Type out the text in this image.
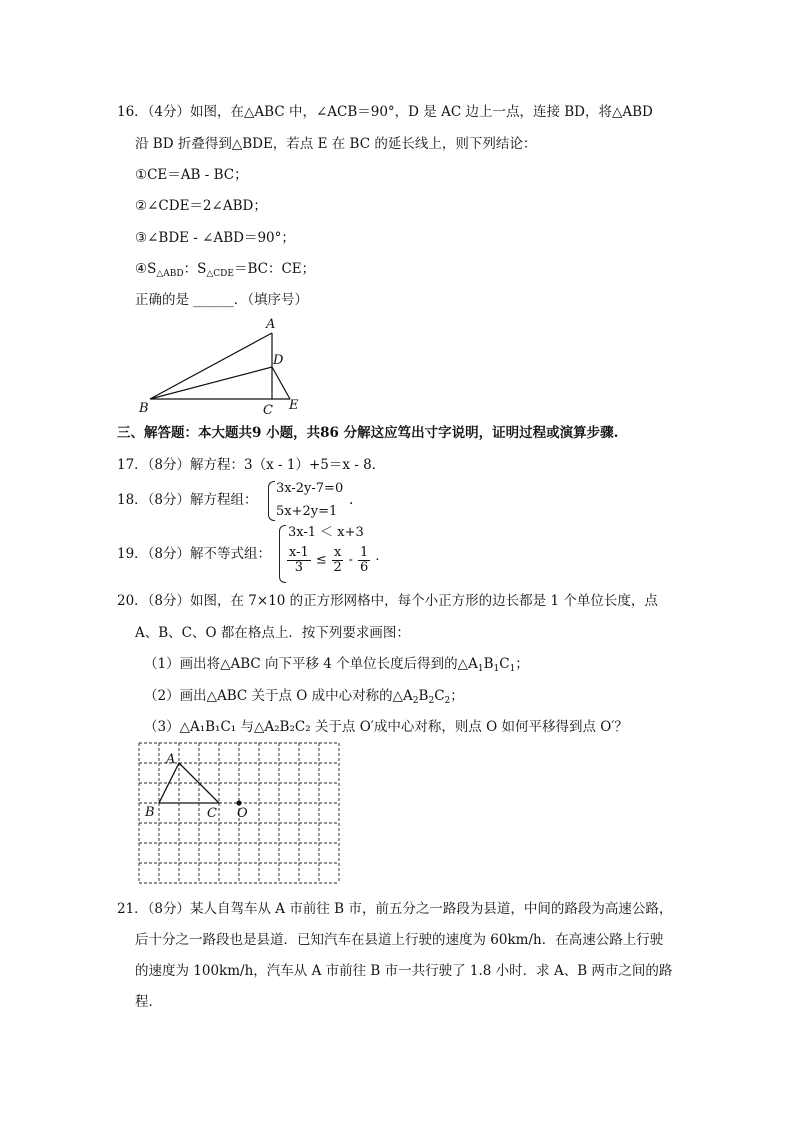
16．（4分）如图，在△ABC 中，∠ACB＝90°，D 是 AC 边上一点，连接 BD，将△ABD
沿 BD 折叠得到△BDE，若点 E 在 BC 的延长线上，则下列结论：
①CE＝AB - BC；
②∠CDE＝2∠ABD；
③∠BDE - ∠ABD＝90°；
$④S_{\triangle ABD}$：$S_{\triangle CDE}=BC$：CE；
正确的是 ______．（填序号）
A
B	C
D
E
三、解答题：本大题共9 小题，共86 分解这应笃出寸字说明，证明过程或演算步骤.
17．（8分）解方程：3（x - 1）+5＝x - 8．
18．（8分）解方程组：
3x-2y-7=0
5x+2y=1
.
19．（8分）解不等式组：
3x-1 ＜ x+3
$\frac{x-1}{3} \le \frac{x}{2} - \frac{1}{6}$ ·
20．（8分）如图，在 7×10 的正方形网格中，每个小正方形的边长都是 1 个单位长度，点
A、B、C、O 都在格点上．按下列要求画图：
（1）画出将△ABC 向下平移 4 个单位长度后得到的$\triangle A_1B_1C_1$；
（2）画出△ABC 关于点 O 成中心对称的$\triangle A_2B_2C_2$；
（3）△A₁B₁C₁ 与△A₂B₂C₂ 关于点 O′成中心对称，则点 O 如何平移得到点 O′？
A
B	C O
21．（8分）某人自驾车从 A 市前往 B 市，前五分之一路段为县道，中间的路段为高速公路，
后十分之一路段也是县道．已知汽车在县道上行驶的速度为 60km/h．在高速公路上行驶
的速度为 100km/h，汽车从 A 市前往 B 市一共行驶了 1.8 小时．求 A、B 两市之间的路
程．
